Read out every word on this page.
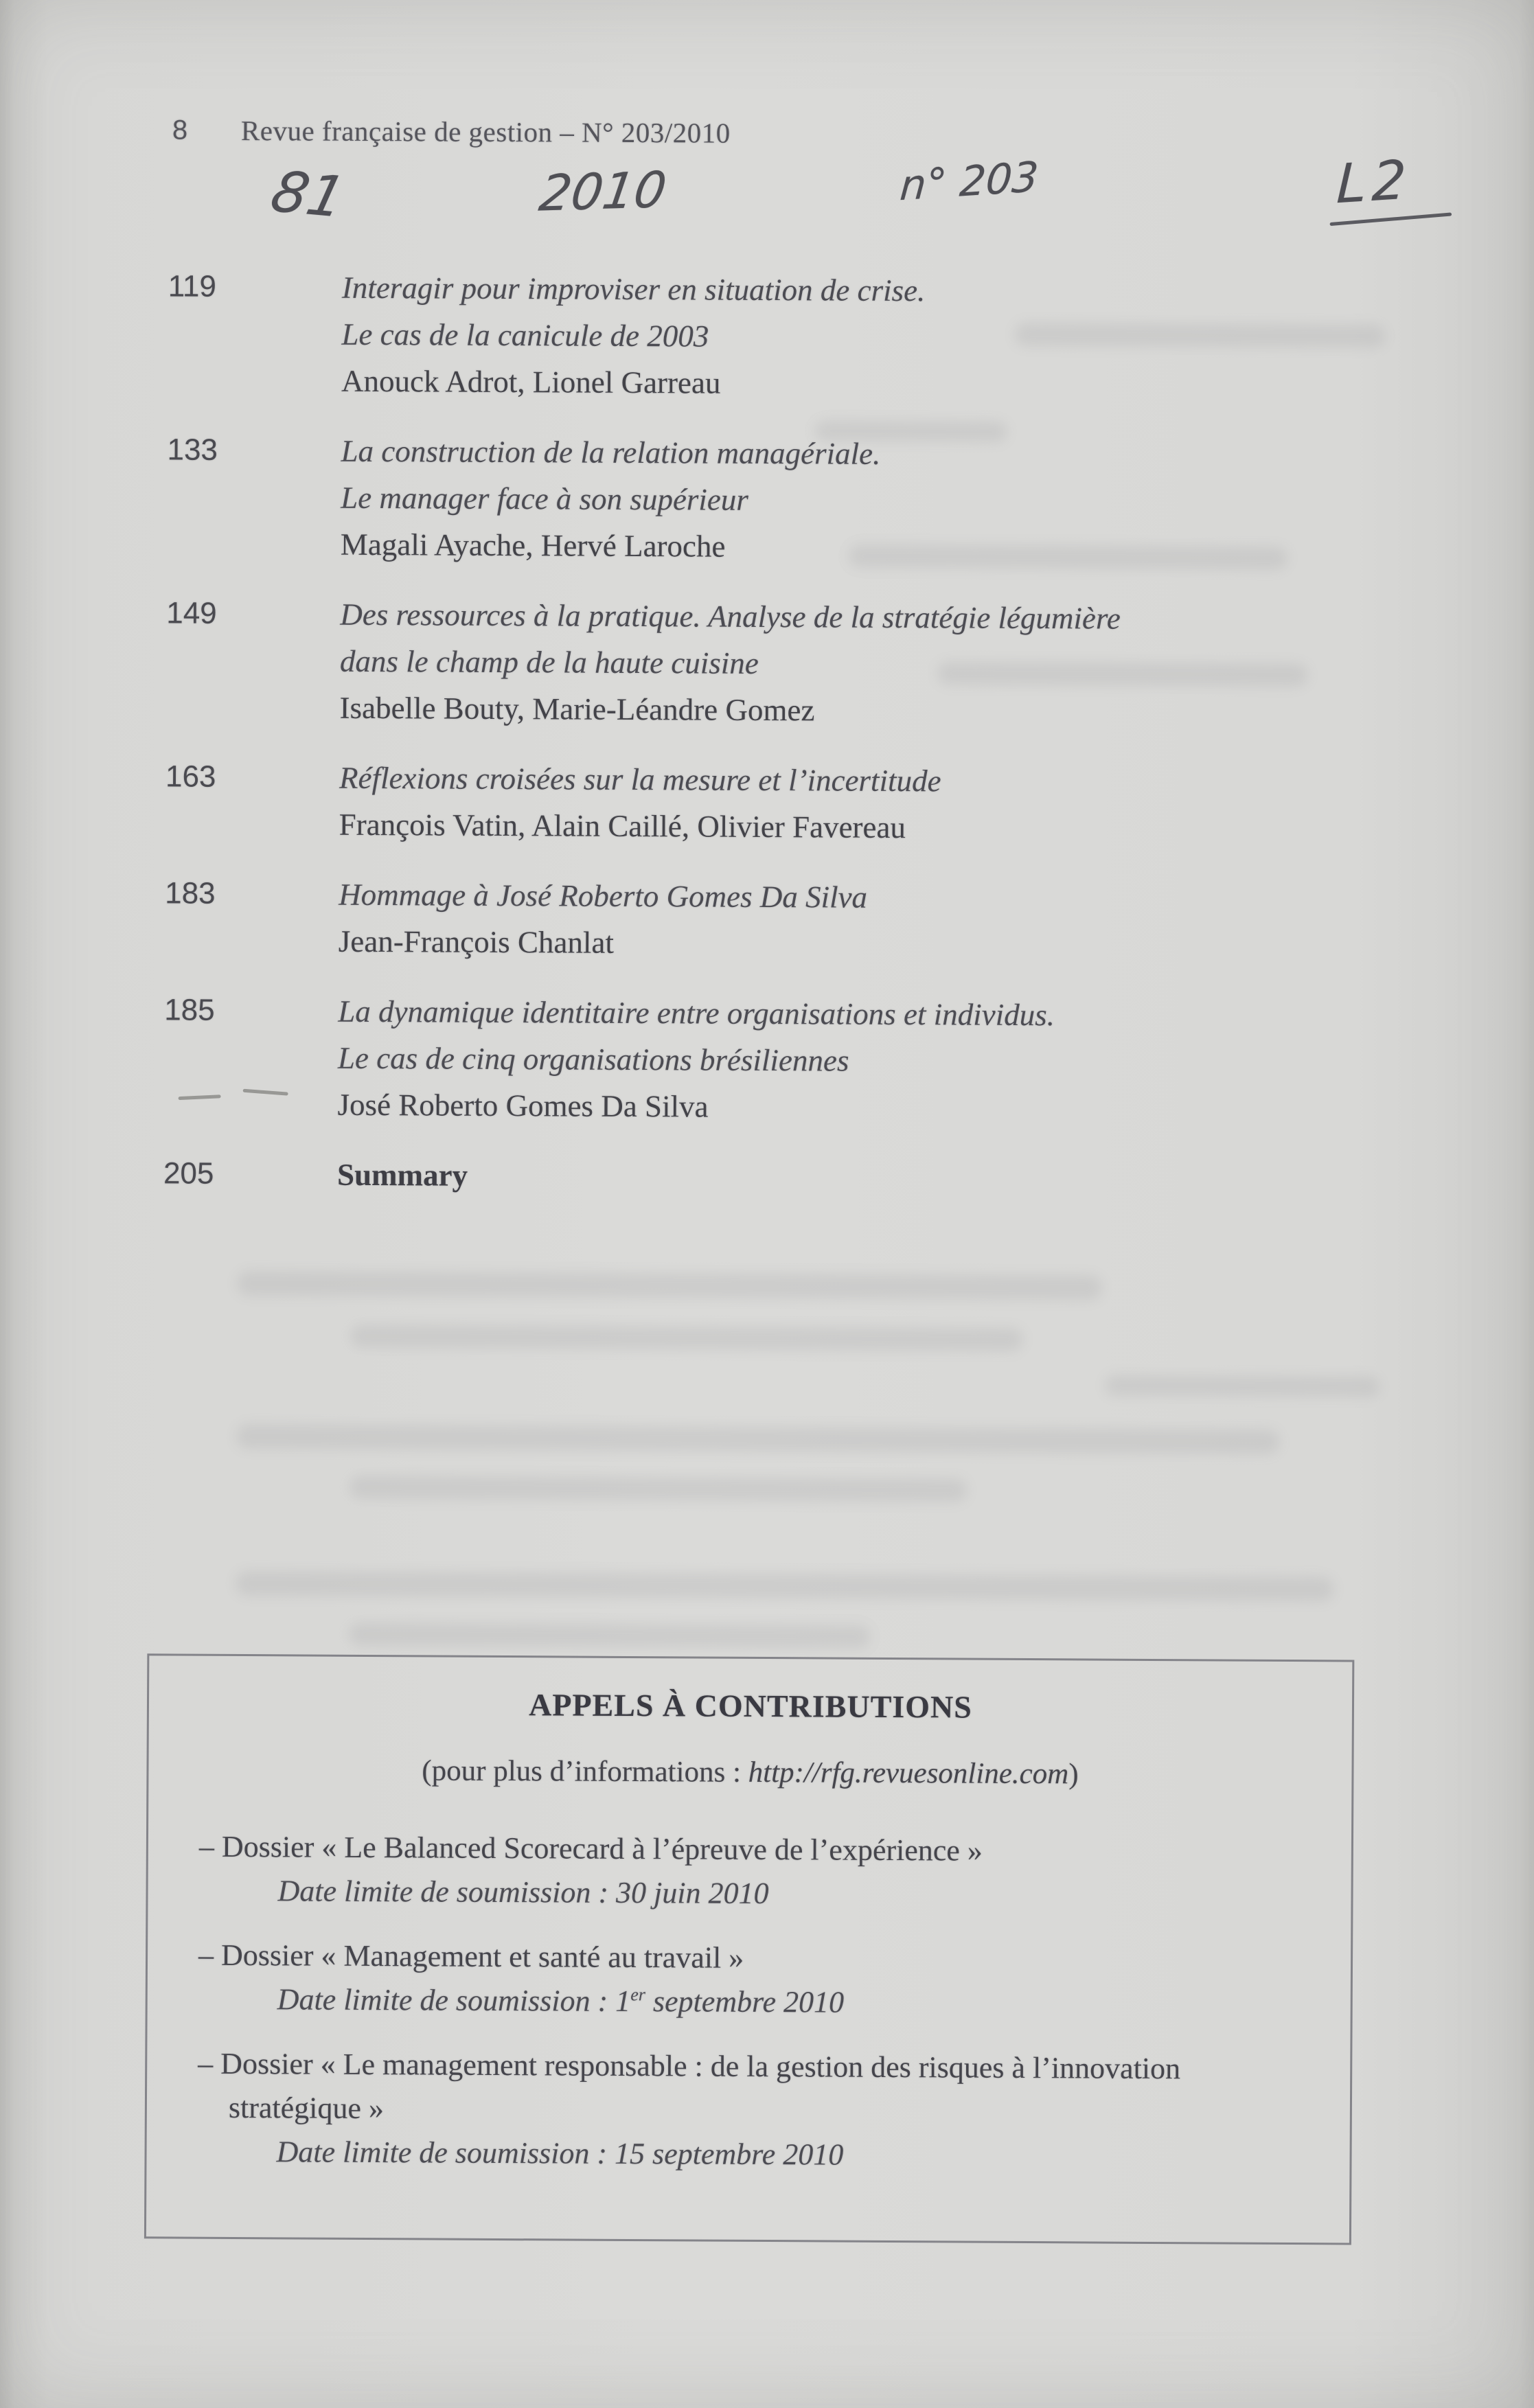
8 Revue française de gestion – N° 203/2010
81	2010	n° 203	L2
119	Interagir pour improviser en situation de crise.
Le cas de la canicule de 2003
Anouck Adrot, Lionel Garreau
133	La construction de la relation managériale.
Le manager face à son supérieur
Magali Ayache, Hervé Laroche
149	Des ressources à la pratique. Analyse de la stratégie légumière
dans le champ de la haute cuisine
Isabelle Bouty, Marie-Léandre Gomez
163	Réflexions croisées sur la mesure et l’incertitude
François Vatin, Alain Caillé, Olivier Favereau
183	Hommage à José Roberto Gomes Da Silva
Jean-François Chanlat
185	La dynamique identitaire entre organisations et individus.
Le cas de cinq organisations brésiliennes
José Roberto Gomes Da Silva
205	Summary
APPELS À CONTRIBUTIONS
(pour plus d’informations : http://rfg.revuesonline.com)
– Dossier « Le Balanced Scorecard à l’épreuve de l’expérience »
Date limite de soumission : 30 juin 2010
– Dossier « Management et santé au travail »
Date limite de soumission : 1er septembre 2010
– Dossier « Le management responsable : de la gestion des risques à l’innovation
stratégique »
Date limite de soumission : 15 septembre 2010
